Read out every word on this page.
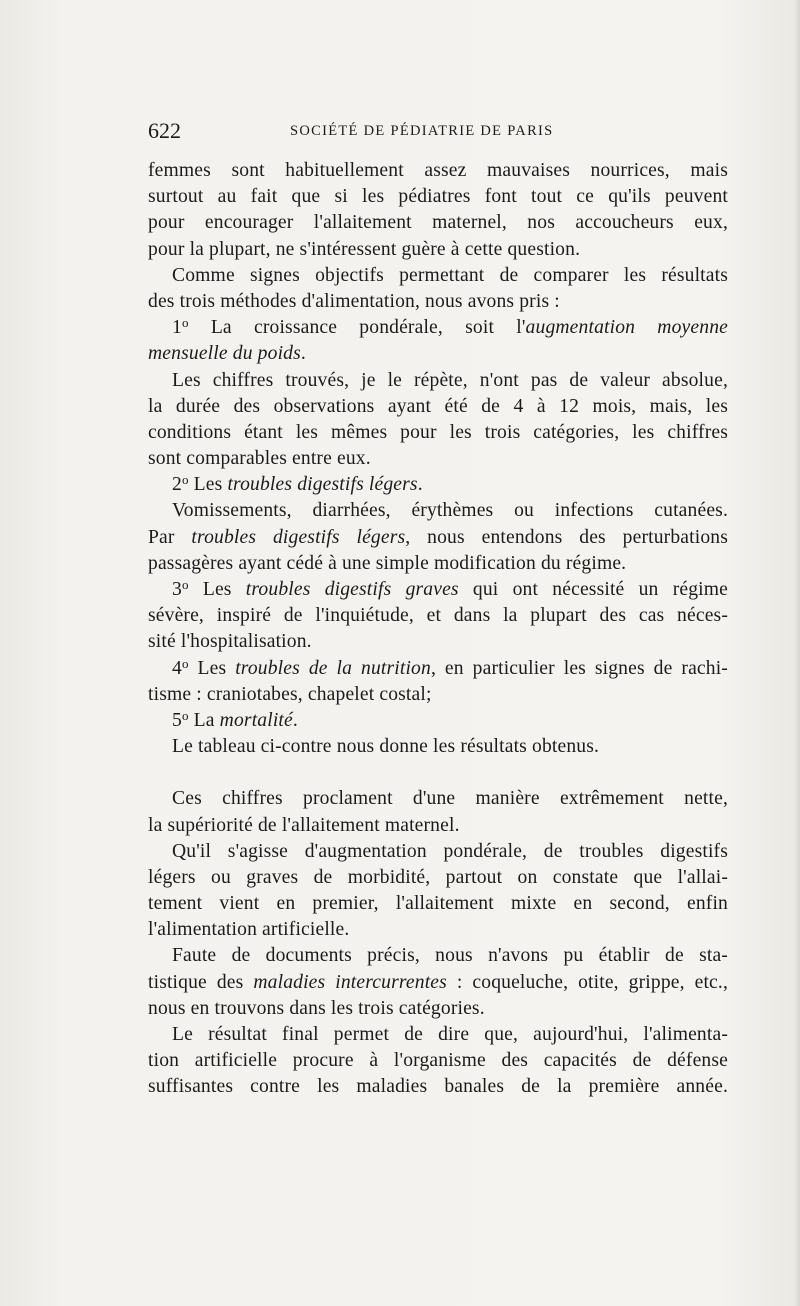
622	SOCIÉTÉ DE PÉDIATRIE DE PARIS
femmes sont habituellement assez mauvaises nourrices, mais
surtout au fait que si les pédiatres font tout ce qu'ils peuvent
pour encourager l'allaitement maternel, nos accoucheurs eux,
pour la plupart, ne s'intéressent guère à cette question.
Comme signes objectifs permettant de comparer les résultats
des trois méthodes d'alimentation, nous avons pris :
1$^o$ La croissance pondérale, soit l'augmentation moyenne
mensuelle du poids.
Les chiffres trouvés, je le répète, n'ont pas de valeur absolue,
la durée des observations ayant été de 4 à 12 mois, mais, les
conditions étant les mêmes pour les trois catégories, les chiffres
sont comparables entre eux.
2$^o$ Les troubles digestifs légers.
Vomissements, diarrhées, érythèmes ou infections cutanées.
Par troubles digestifs légers, nous entendons des perturbations
passagères ayant cédé à une simple modification du régime.
3$^o$ Les troubles digestifs graves qui ont nécessité un régime
sévère, inspiré de l'inquiétude, et dans la plupart des cas néces-
sité l'hospitalisation.
4$^o$ Les troubles de la nutrition, en particulier les signes de rachi-
tisme : craniotabes, chapelet costal;
5$^o$ La mortalité.
Le tableau ci-contre nous donne les résultats obtenus.
Ces chiffres proclament d'une manière extrêmement nette,
la supériorité de l'allaitement maternel.
Qu'il s'agisse d'augmentation pondérale, de troubles digestifs
légers ou graves de morbidité, partout on constate que l'allai-
tement vient en premier, l'allaitement mixte en second, enfin
l'alimentation artificielle.
Faute de documents précis, nous n'avons pu établir de sta-
tistique des maladies intercurrentes : coqueluche, otite, grippe, etc.,
nous en trouvons dans les trois catégories.
Le résultat final permet de dire que, aujourd'hui, l'alimenta-
tion artificielle procure à l'organisme des capacités de défense
suffisantes contre les maladies banales de la première année.
